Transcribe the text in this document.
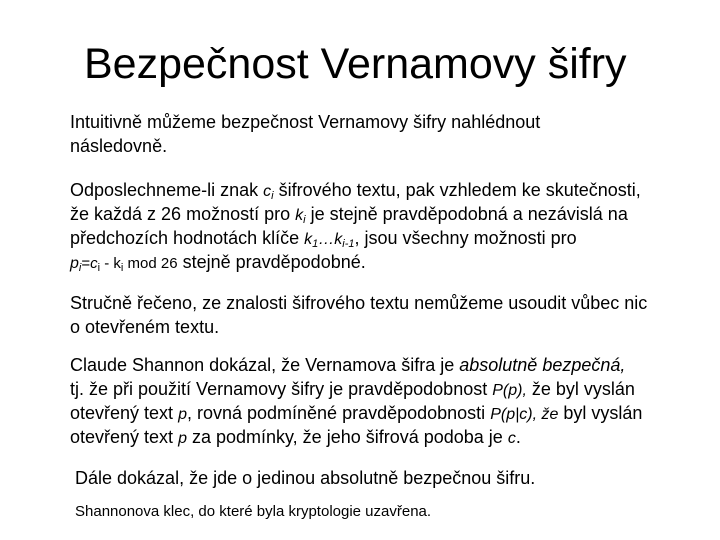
Bezpečnost Vernamovy šifry
Intuitivně můžeme bezpečnost Vernamovy šifry nahlédnout
následovně.
Odposlechneme-li znak $c_i$ šifrového textu, pak vzhledem ke skutečnosti,
že každá z 26 možností pro $k_i$ je stejně pravděpodobná a nezávislá na
předchozích hodnotách klíče $k_1\dots k_{i-1}$, jsou všechny možnosti pro
$p_i=c_i - k_i$ mod 26 stejně pravděpodobné.
Stručně řečeno, ze znalosti šifrového textu nemůžeme usoudit vůbec nic
o otevřeném textu.
Claude Shannon dokázal, že Vernamova šifra je absolutně bezpečná,
tj. že při použití Vernamovy šifry je pravděpodobnost P(p), že byl vyslán
otevřený text p, rovná podmíněné pravděpodobnosti P(p|c), že byl vyslán
otevřený text p za podmínky, že jeho šifrová podoba je c.
Dále dokázal, že jde o jedinou absolutně bezpečnou šifru.
Shannonova klec, do které byla kryptologie uzavřena.
